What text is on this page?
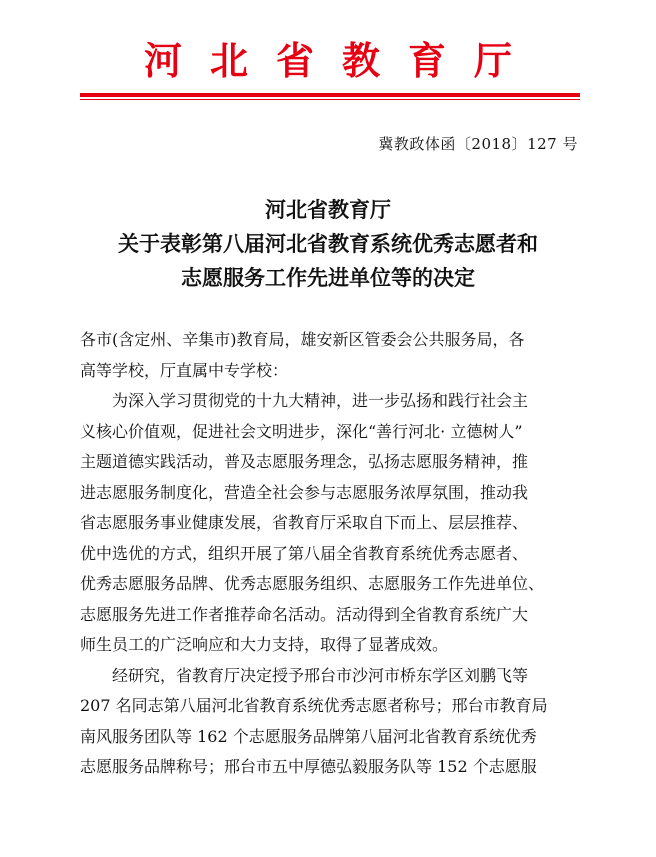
河北省教育厅
冀教政体函〔2018〕127 号
河北省教育厅
关于表彰第八届河北省教育系统优秀志愿者和
志愿服务工作先进单位等的决定
各市(含定州、辛集市)教育局，雄安新区管委会公共服务局，各
高等学校，厅直属中专学校：
为深入学习贯彻党的十九大精神，进一步弘扬和践行社会主
义核心价值观，促进社会文明进步，深化“善行河北· 立德树人”
主题道德实践活动，普及志愿服务理念，弘扬志愿服务精神，推
进志愿服务制度化，营造全社会参与志愿服务浓厚氛围，推动我
省志愿服务事业健康发展，省教育厅采取自下而上、层层推荐、
优中选优的方式，组织开展了第八届全省教育系统优秀志愿者、
优秀志愿服务品牌、优秀志愿服务组织、志愿服务工作先进单位、
志愿服务先进工作者推荐命名活动。活动得到全省教育系统广大
师生员工的广泛响应和大力支持，取得了显著成效。
经研究，省教育厅决定授予邢台市沙河市桥东学区刘鹏飞等
207 名同志第八届河北省教育系统优秀志愿者称号；邢台市教育局
南风服务团队等 162 个志愿服务品牌第八届河北省教育系统优秀
志愿服务品牌称号；邢台市五中厚德弘毅服务队等 152 个志愿服
